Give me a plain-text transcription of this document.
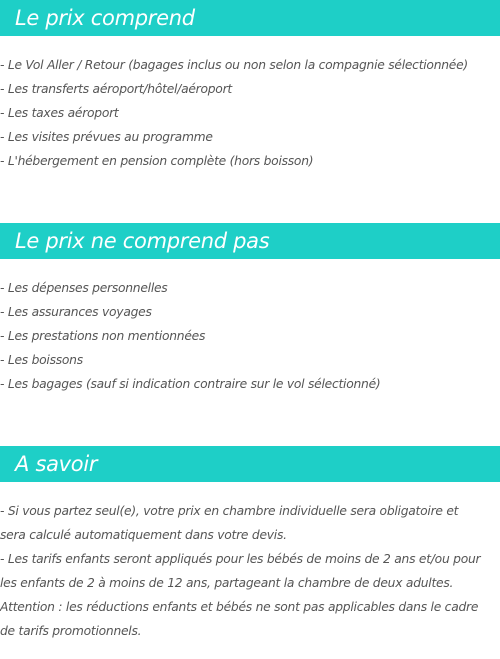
Le prix comprend
- Le Vol Aller / Retour (bagages inclus ou non selon la compagnie sélectionnée)
- Les transferts aéroport/hôtel/aéroport
- Les taxes aéroport
- Les visites prévues au programme
- L'hébergement en pension complète (hors boisson)
Le prix ne comprend pas
- Les dépenses personnelles
- Les assurances voyages
- Les prestations non mentionnées
- Les boissons
- Les bagages (sauf si indication contraire sur le vol sélectionné)
A savoir
- Si vous partez seul(e), votre prix en chambre individuelle sera obligatoire et
sera calculé automatiquement dans votre devis.
- Les tarifs enfants seront appliqués pour les bébés de moins de 2 ans et/ou pour
les enfants de 2 à moins de 12 ans, partageant la chambre de deux adultes.
Attention : les réductions enfants et bébés ne sont pas applicables dans le cadre
de tarifs promotionnels.
